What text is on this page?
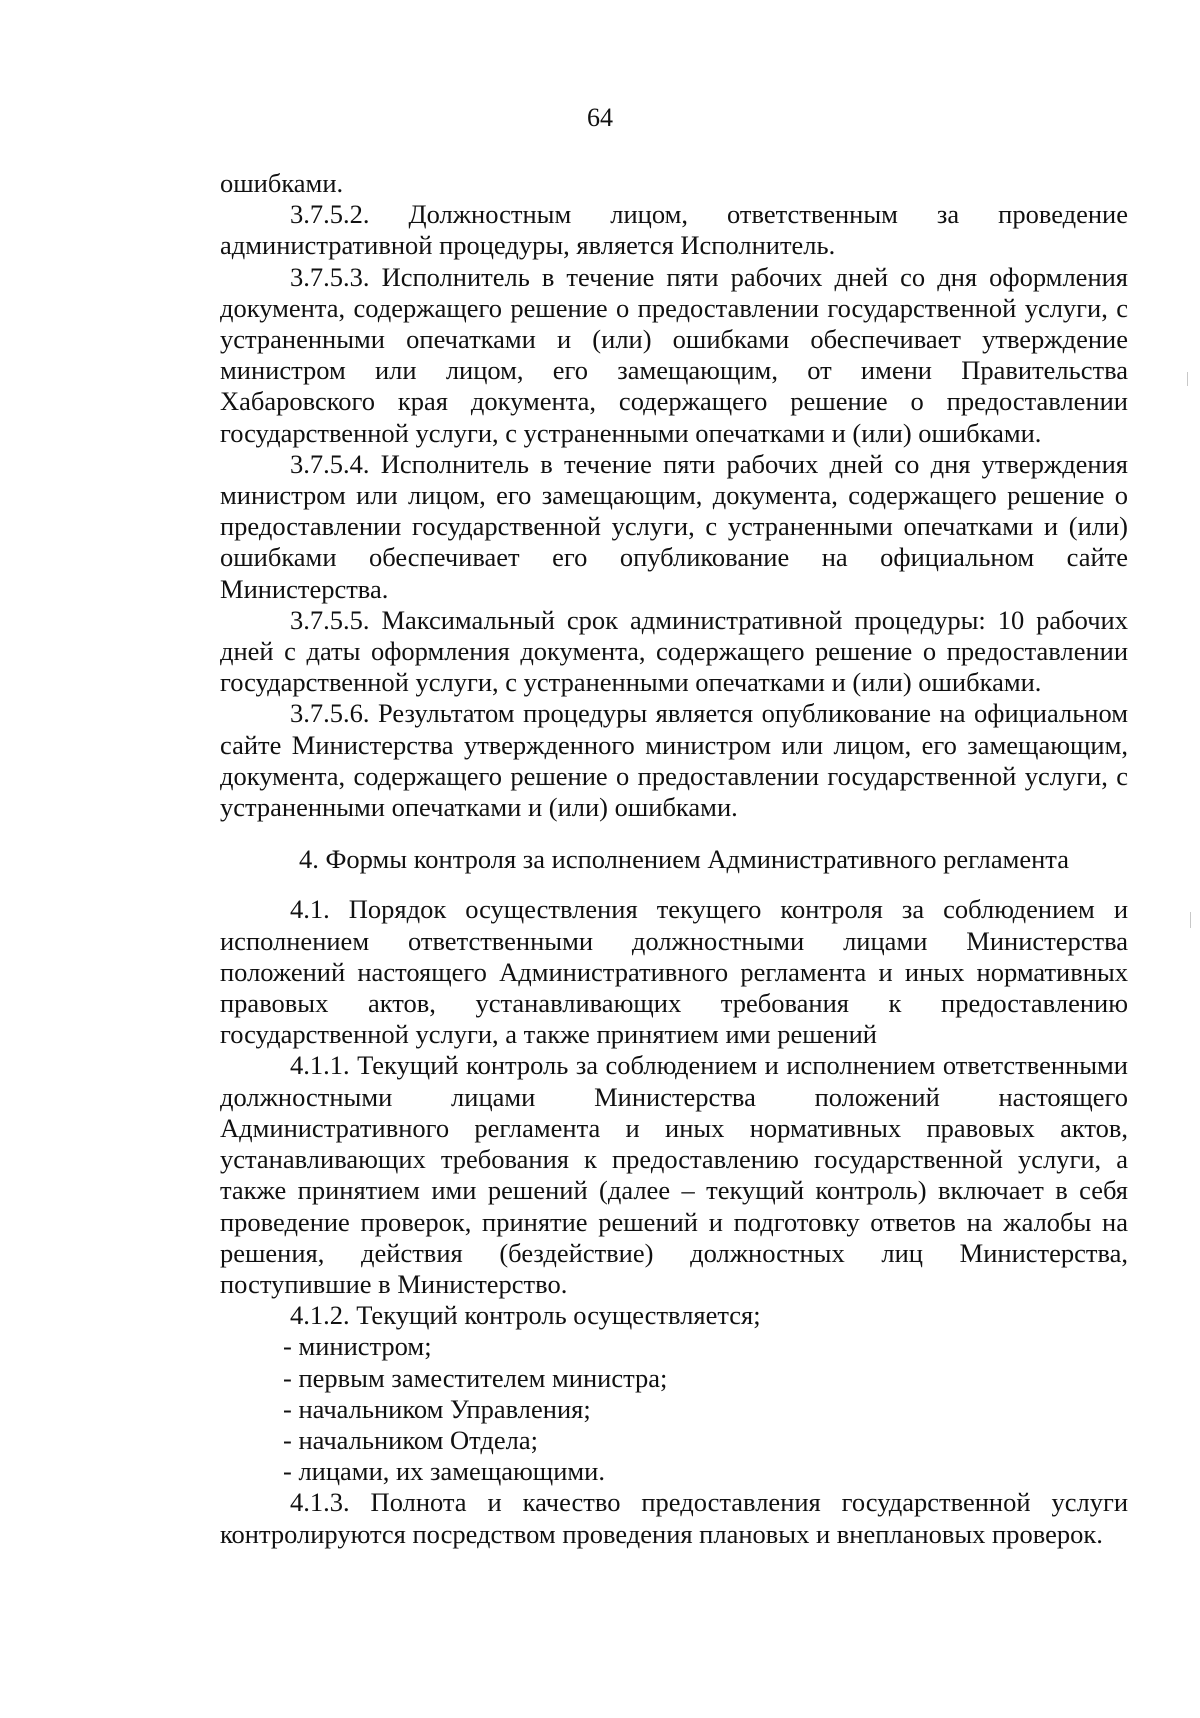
64

ошибками.

3.7.5.2. Должностным лицом, ответственным за проведение административной процедуры, является Исполнитель.

3.7.5.3. Исполнитель в течение пяти рабочих дней со дня оформления документа, содержащего решение о предоставлении государственной услуги, с устраненными опечатками и (или) ошибками обеспечивает утверждение министром или лицом, его замещающим, от имени Правительства Хабаровского края документа, содержащего решение о предоставлении государственной услуги, с устраненными опечатками и (или) ошибками.

3.7.5.4. Исполнитель в течение пяти рабочих дней со дня утверждения министром или лицом, его замещающим, документа, содержащего решение о предоставлении государственной услуги, с устраненными опечатками и (или) ошибками обеспечивает его опубликование на официальном сайте Министерства.

3.7.5.5. Максимальный срок административной процедуры: 10 рабочих дней с даты оформления документа, содержащего решение о предоставлении государственной услуги, с устраненными опечатками и (или) ошибками.

3.7.5.6. Результатом процедуры является опубликование на официальном сайте Министерства утвержденного министром или лицом, его замещающим, документа, содержащего решение о предоставлении государственной услуги, с устраненными опечатками и (или) ошибками.

4. Формы контроля за исполнением Административного регламента

4.1. Порядок осуществления текущего контроля за соблюдением и исполнением ответственными должностными лицами Министерства положений настоящего Административного регламента и иных нормативных правовых актов, устанавливающих требования к предоставлению государственной услуги, а также принятием ими решений

4.1.1. Текущий контроль за соблюдением и исполнением ответственными должностными лицами Министерства положений настоящего Административного регламента и иных нормативных правовых актов, устанавливающих требования к предоставлению государственной услуги, а также принятием ими решений (далее – текущий контроль) включает в себя проведение проверок, принятие решений и подготовку ответов на жалобы на решения, действия (бездействие) должностных лиц Министерства, поступившие в Министерство.

4.1.2. Текущий контроль осуществляется;

- министром;

- первым заместителем министра;

- начальником Управления;

- начальником Отдела;

- лицами, их замещающими.

4.1.3. Полнота и качество предоставления государственной услуги контролируются посредством проведения плановых и внеплановых проверок.
